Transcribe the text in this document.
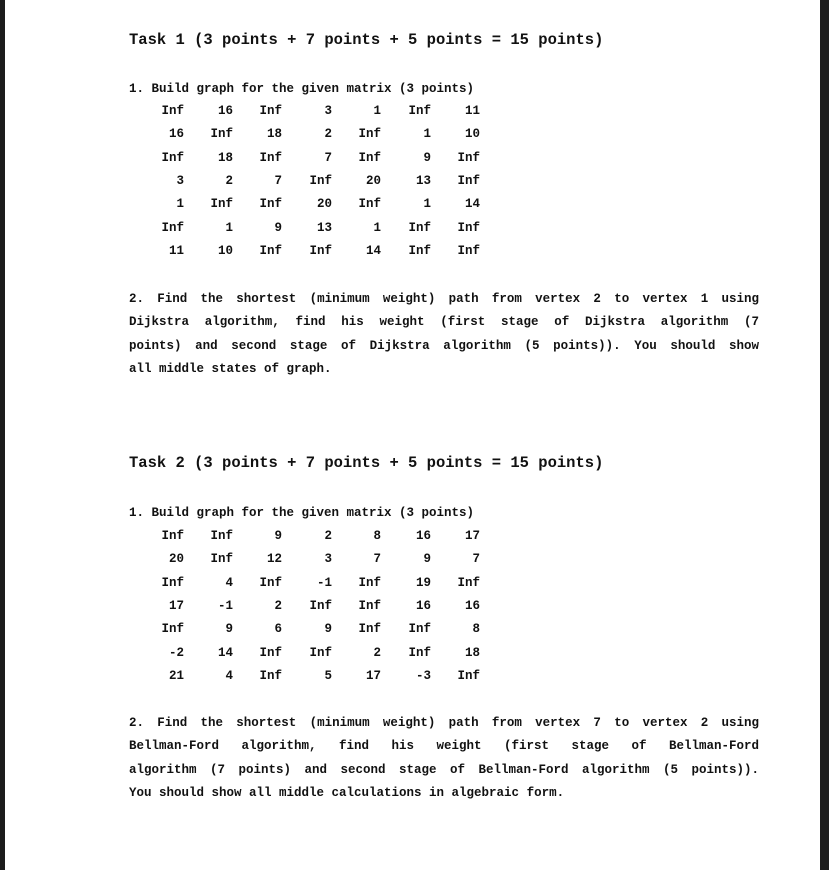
Task 1 (3 points + 7 points + 5 points = 15 points)
1. Build graph for the given matrix (3 points)
Inf	16	Inf	3	1	Inf	11
16	Inf	18	2	Inf	1	10
Inf	18	Inf	7	Inf	9	Inf
3	2	7	Inf	20	13	Inf
1	Inf	Inf	20	Inf	1	14
Inf	1	9	13	1	Inf	Inf
11	10	Inf	Inf	14	Inf	Inf
2. Find the shortest (minimum weight) path from vertex 2 to vertex 1 using
Dijkstra algorithm, find his weight (first stage of Dijkstra algorithm (7
points) and second stage of Dijkstra algorithm (5 points)). You should show
all middle states of graph.
Task 2 (3 points + 7 points + 5 points = 15 points)
1. Build graph for the given matrix (3 points)
Inf	Inf	9	2	8	16	17
20	Inf	12	3	7	9	7
Inf	4	Inf	-1	Inf	19	Inf
17	-1	2	Inf	Inf	16	16
Inf	9	6	9	Inf	Inf	8
-2	14	Inf	Inf	2	Inf	18
21	4	Inf	5	17	-3	Inf
2. Find the shortest (minimum weight) path from vertex 7 to vertex 2 using
Bellman-Ford algorithm, find his weight (first stage of Bellman-Ford
algorithm (7 points) and second stage of Bellman-Ford algorithm (5 points)).
You should show all middle calculations in algebraic form.
